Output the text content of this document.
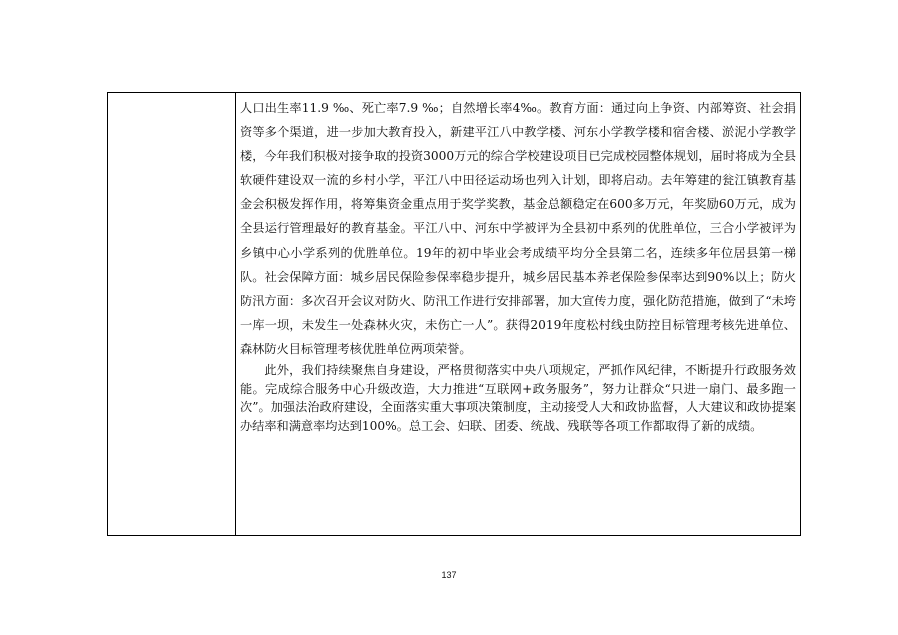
人口出生率11.9 ‰、死亡率7.9 ‰；自然增长率4‰。教育方面：通过向上争资、内部筹资、社会捐资等多个渠道，进一步加大教育投入，新建平江八中教学楼、河东小学教学楼和宿舍楼、淤泥小学教学楼，今年我们积极对接争取的投资3000万元的综合学校建设项目已完成校园整体规划，届时将成为全县软硬件建设双一流的乡村小学，平江八中田径运动场也列入计划，即将启动。去年筹建的瓮江镇教育基金会积极发挥作用，将筹集资金重点用于奖学奖教，基金总额稳定在600多万元，年奖励60万元，成为全县运行管理最好的教育基金。平江八中、河东中学被评为全县初中系列的优胜单位，三合小学被评为乡镇中心小学系列的优胜单位。19年的初中毕业会考成绩平均分全县第二名，连续多年位居县第一梯队。社会保障方面：城乡居民保险参保率稳步提升，城乡居民基本养老保险参保率达到90%以上；防火防汛方面：多次召开会议对防火、防汛工作进行安排部署，加大宣传力度，强化防范措施，做到了“未垮一库一坝，未发生一处森林火灾，未伤亡一人”。获得2019年度松村线虫防控目标管理考核先进单位、森林防火目标管理考核优胜单位两项荣誉。

此外，我们持续聚焦自身建设，严格贯彻落实中央八项规定，严抓作风纪律，不断提升行政服务效能。完成综合服务中心升级改造，大力推进“互联网+政务服务”，努力让群众“只进一扇门、最多跑一次”。加强法治政府建设，全面落实重大事项决策制度，主动接受人大和政协监督，人大建议和政协提案办结率和满意率均达到100%。总工会、妇联、团委、统战、残联等各项工作都取得了新的成绩。

137
